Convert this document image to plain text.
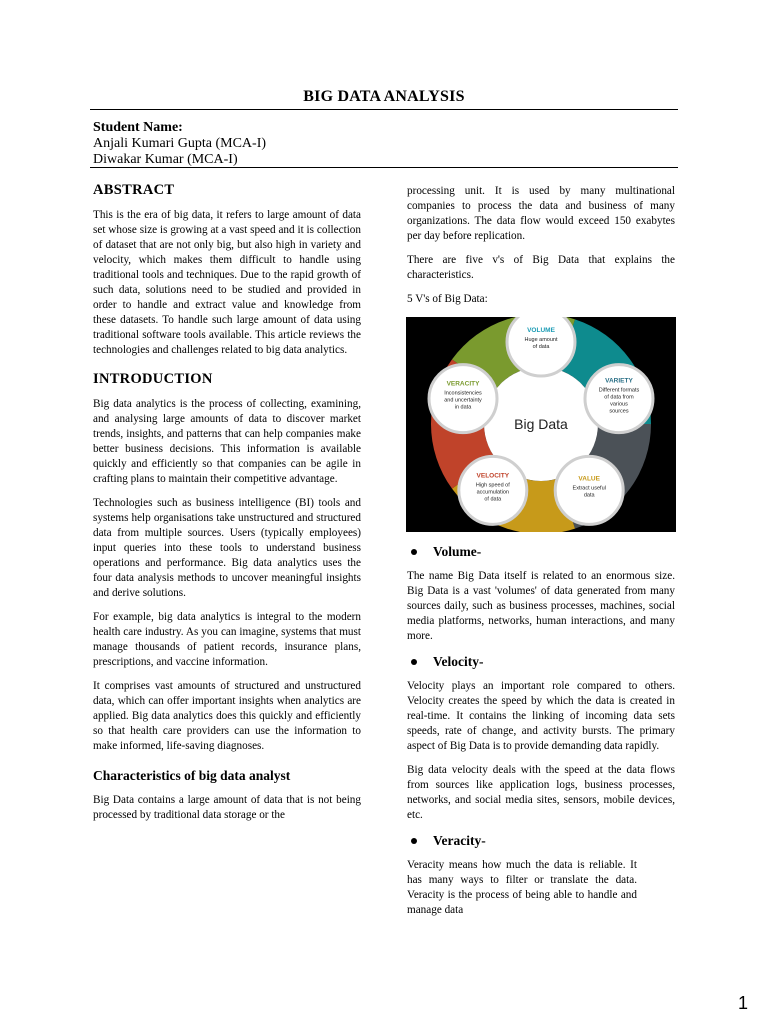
BIG DATA ANALYSIS
Student Name:
Anjali Kumari Gupta (MCA-I)
Diwakar Kumar (MCA-I)
ABSTRACT

This is the era of big data, it refers to large amount of data set whose size is growing at a vast speed and it is collection of dataset that are not only big, but also high in variety and velocity, which makes them difficult to handle using traditional tools and techniques. Due to the rapid growth of such data, solutions need to be studied and provided in order to handle and extract value and knowledge from these datasets. To handle such large amount of data using traditional software tools available. This article reviews the technologies and challenges related to big data analytics.

INTRODUCTION

Big data analytics is the process of collecting, examining, and analysing large amounts of data to discover market trends, insights, and patterns that can help companies make better business decisions. This information is available quickly and efficiently so that companies can be agile in crafting plans to maintain their competitive advantage.

Technologies such as business intelligence (BI) tools and systems help organisations take unstructured and structured data from multiple sources. Users (typically employees) input queries into these tools to understand business operations and performance. Big data analytics uses the four data analysis methods to uncover meaningful insights and derive solutions.

For example, big data analytics is integral to the modern health care industry. As you can imagine, systems that must manage thousands of patient records, insurance plans, prescriptions, and vaccine information.

It comprises vast amounts of structured and unstructured data, which can offer important insights when analytics are applied. Big data analytics does this quickly and efficiently so that health care providers can use the information to make informed, life-saving diagnoses.

Characteristics of big data analyst

Big Data contains a large amount of data that is not being processed by traditional data storage or the

processing unit. It is used by many multinational companies to process the data and business of many organizations. The data flow would exceed 150 exabytes per day before replication.

There are five v's of Big Data that explains the characteristics.

5 V's of Big Data:

Big Data
VOLUME
Huge amount
of data
VARIETY
Different formats
of data from
various
sources
VALUE
Extract useful
data
VELOCITY
High speed of
accumulation
of data
VERACITY
Inconsistencies
and uncertainty
in data
Volume-

The name Big Data itself is related to an enormous size. Big Data is a vast 'volumes' of data generated from many sources daily, such as business processes, machines, social media platforms, networks, human interactions, and many more.

Velocity-

Velocity plays an important role compared to others. Velocity creates the speed by which the data is created in real-time. It contains the linking of incoming data sets speeds, rate of change, and activity bursts. The primary aspect of Big Data is to provide demanding data rapidly.

Big data velocity deals with the speed at the data flows from sources like application logs, business processes, networks, and social media sites, sensors, mobile devices, etc.

Veracity-

Veracity means how much the data is reliable. It has many ways to filter or translate the data. Veracity is the process of being able to handle and manage data

1
